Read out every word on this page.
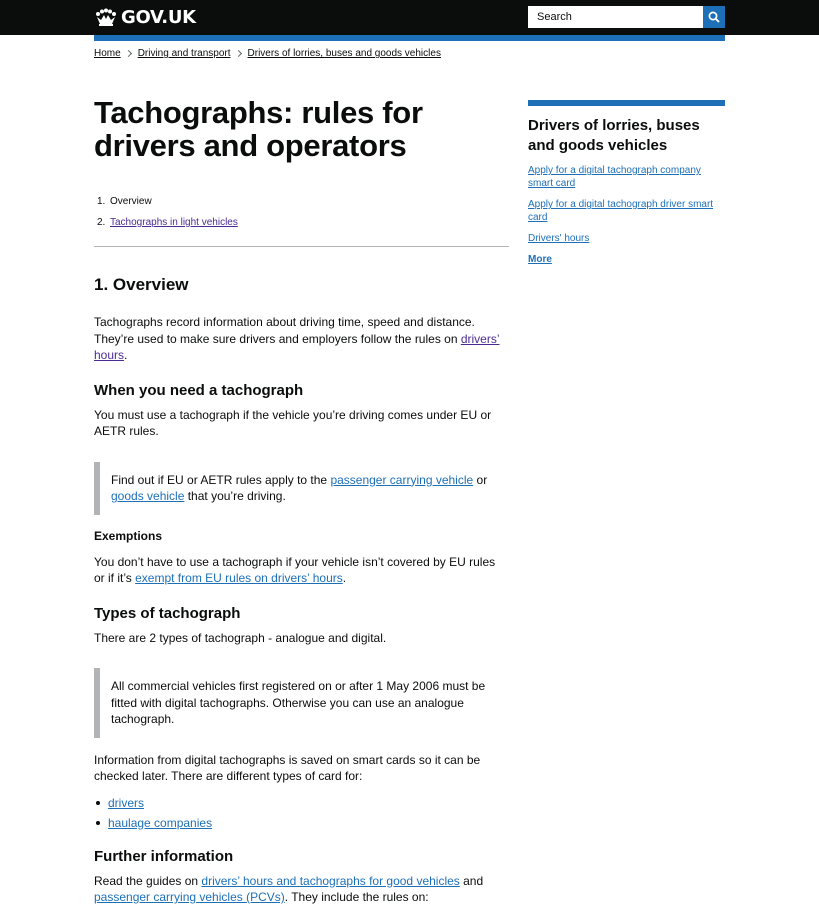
GOV.UK
Search
Home Driving and transport Drivers of lorries, buses and goods vehicles
Tachographs: rules for drivers and operators
1. Overview
2. Tachographs in light vehicles
1. Overview

Tachographs record information about driving time, speed and distance. They’re used to make sure drivers and employers follow the rules on drivers’ hours.

When you need a tachograph

You must use a tachograph if the vehicle you’re driving comes under EU or AETR rules.

Find out if EU or AETR rules apply to the passenger carrying vehicle or goods vehicle that you’re driving.

Exemptions

You don’t have to use a tachograph if your vehicle isn’t covered by EU rules or if it’s exempt from EU rules on drivers’ hours.

Types of tachograph

There are 2 types of tachograph - analogue and digital.

All commercial vehicles first registered on or after 1 May 2006 must be fitted with digital tachographs. Otherwise you can use an analogue tachograph.

Information from digital tachographs is saved on smart cards so it can be checked later. There are different types of card for:

drivers
haulage companies
Further information

Read the guides on drivers’ hours and tachographs for good vehicles and passenger carrying vehicles (PCVs). They include the rules on:

Drivers of lorries, buses and goods vehicles
Apply for a digital tachograph company smart card
Apply for a digital tachograph driver smart card
Drivers' hours
More
